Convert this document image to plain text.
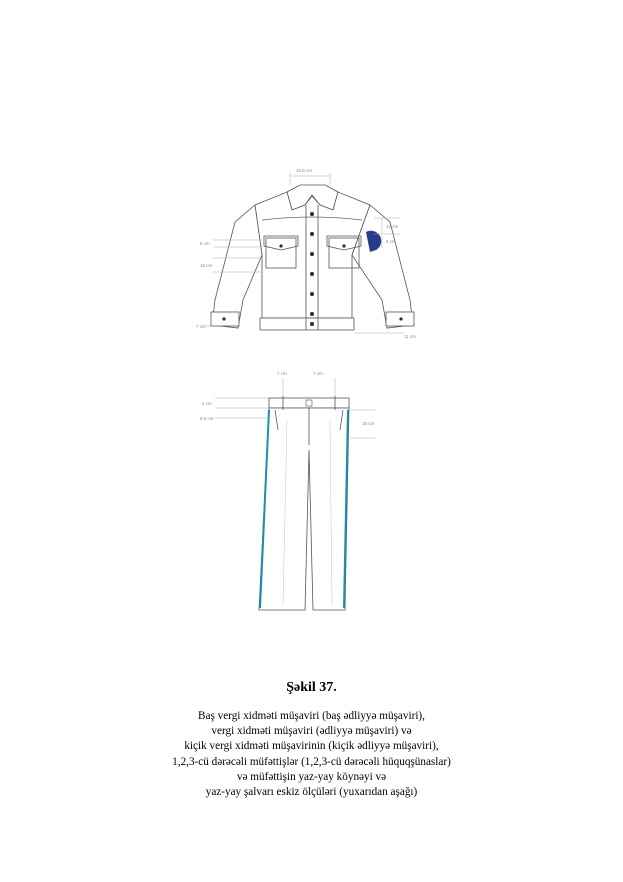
10.5 cm
12 cm
8 cm
6 cm
16 cm
7 cm
11 cm
7 cm	7 cm
4 cm
8.5 cm
18 cm
Şəkil 37.
Baş vergi xidməti müşaviri (baş ədliyyə müşaviri),
vergi xidməti müşaviri (ədliyyə müşaviri) və
kiçik vergi xidməti müşavirinin (kiçik ədliyyə müşaviri),
1,2,3-cü dərəcəli müfəttişlər (1,2,3-cü dərəcəli hüquqşünaslar)
və müfəttişin yaz-yay köynəyi və
yaz-yay şalvarı eskiz ölçüləri (yuxarıdan aşağı)
